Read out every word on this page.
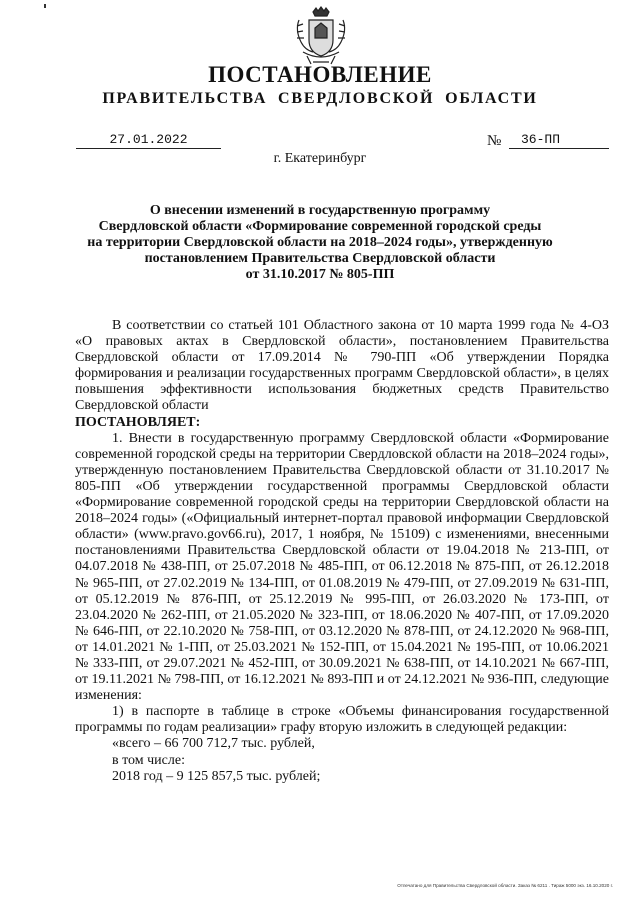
ПОСТАНОВЛЕНИЕ
ПРАВИТЕЛЬСТВА СВЕРДЛОВСКОЙ ОБЛАСТИ
27.01.2022	№	36-ПП
г. Екатеринбург
О внесении изменений в государственную программу
Свердловской области «Формирование современной городской среды
на территории Свердловской области на 2018–2024 годы», утвержденную
постановлением Правительства Свердловской области
от 31.10.2017 № 805-ПП

В соответствии со статьей 101 Областного закона от 10 марта 1999 года № 4-ОЗ «О правовых актах в Свердловской области», постановлением Правительства Свердловской области от 17.09.2014 № 790-ПП «Об утверждении Порядка формирования и реализации государственных программ Свердловской области», в целях повышения эффективности использования бюджетных средств Правительство Свердловской области

ПОСТАНОВЛЯЕТ:

1. Внести в государственную программу Свердловской области «Формирование современной городской среды на территории Свердловской области на 2018–2024 годы», утвержденную постановлением Правительства Свердловской области от 31.10.2017 № 805-ПП «Об утверждении государственной программы Свердловской области «Формирование современной городской среды на территории Свердловской области на 2018–2024 годы» («Официальный интернет-портал правовой информации Свердловской области» (www.pravo.gov66.ru), 2017, 1 ноября, № 15109) с изменениями, внесенными постановлениями Правительства Свердловской области от 19.04.2018 № 213-ПП, от 04.07.2018 № 438-ПП, от 25.07.2018 № 485-ПП, от 06.12.2018 № 875-ПП, от 26.12.2018 № 965-ПП, от 27.02.2019 № 134-ПП, от 01.08.2019 № 479-ПП, от 27.09.2019 № 631-ПП, от 05.12.2019 № 876-ПП, от 25.12.2019 № 995-ПП, от 26.03.2020 № 173-ПП, от 23.04.2020 № 262-ПП, от 21.05.2020 № 323-ПП, от 18.06.2020 № 407-ПП, от 17.09.2020 № 646-ПП, от 22.10.2020 № 758-ПП, от 03.12.2020 № 878-ПП, от 24.12.2020 № 968-ПП, от 14.01.2021 № 1-ПП, от 25.03.2021 № 152-ПП, от 15.04.2021 № 195-ПП, от 10.06.2021 № 333-ПП, от 29.07.2021 № 452-ПП, от 30.09.2021 № 638-ПП, от 14.10.2021 № 667-ПП, от 19.11.2021 № 798-ПП, от 16.12.2021 № 893-ПП и от 24.12.2021 № 936-ПП, следующие изменения:

1) в паспорте в таблице в строке «Объемы финансирования государственной программы по годам реализации» графу вторую изложить в следующей редакции:

«всего – 66 700 712,7 тыс. рублей,

в том числе:

2018 год – 9 125 857,5 тыс. рублей;

Отпечатано для Правительства Свердловской области. Заказ № 6211 . Тираж 5000 экз. 16.10.2020 г.
